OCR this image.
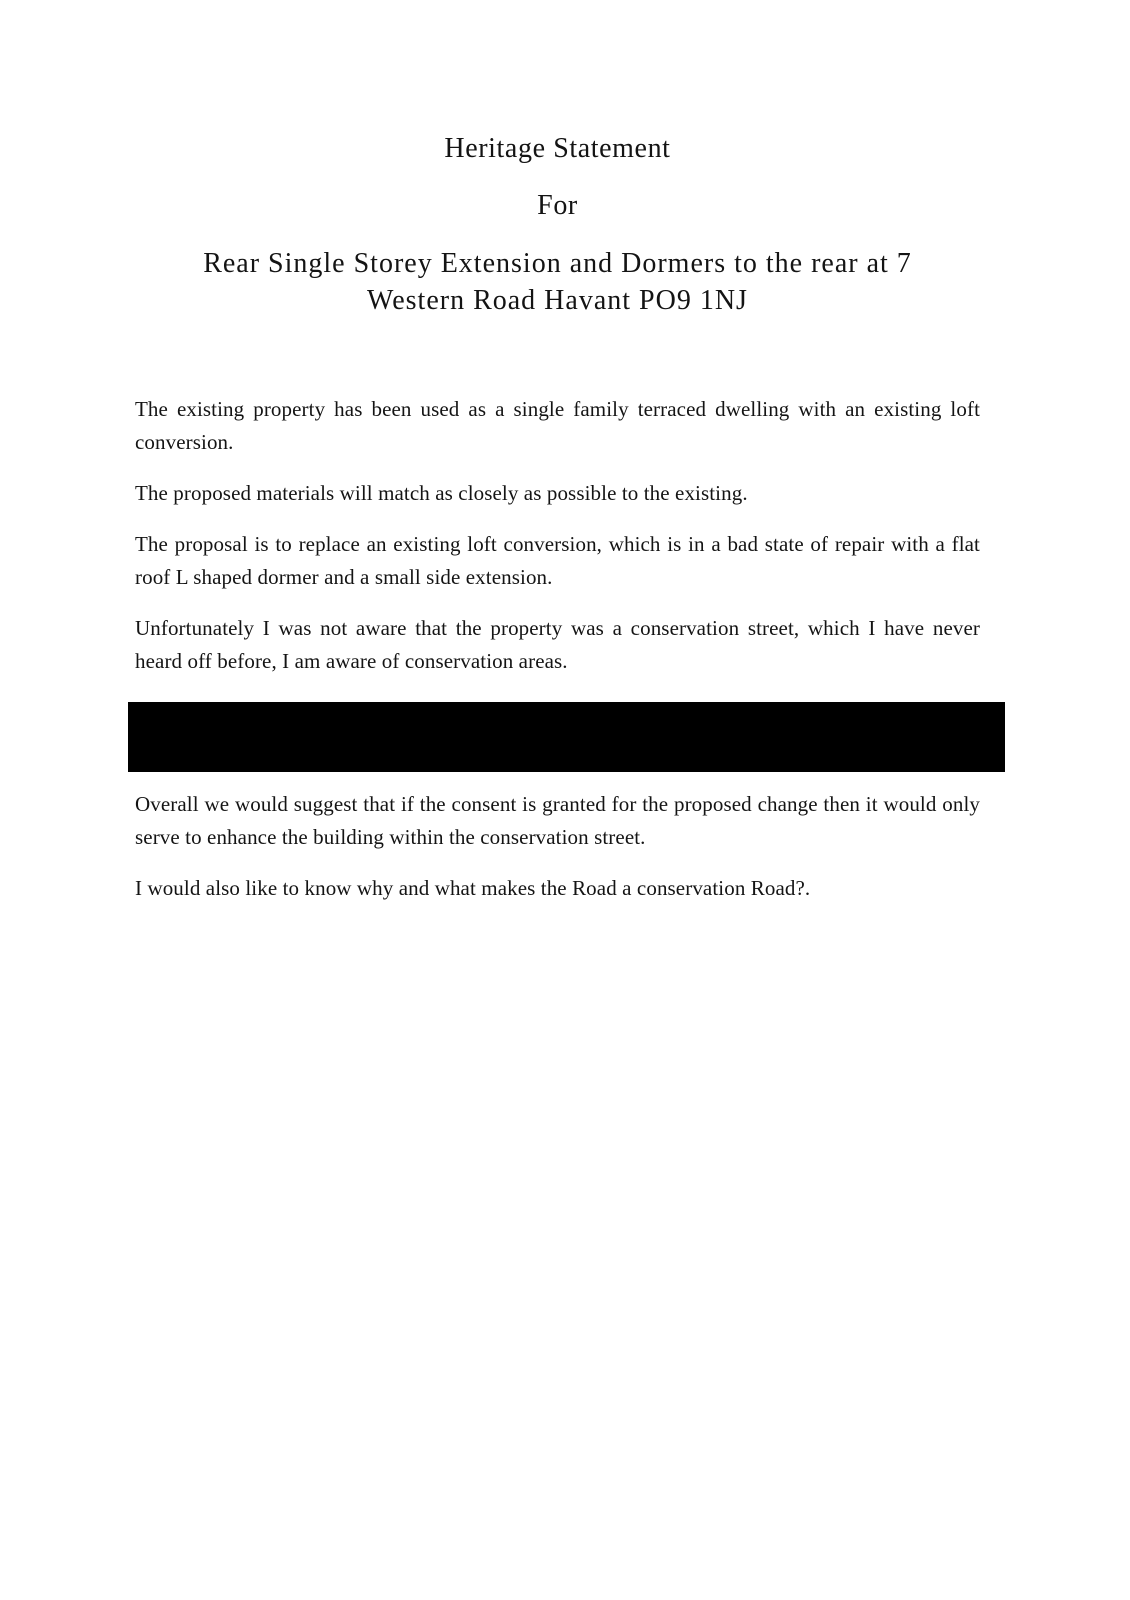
Heritage Statement
For
Rear Single Storey Extension and Dormers to the rear at 7
Western Road Havant PO9 1NJ

The existing property has been used as a single family terraced dwelling with an existing loft conversion.

The proposed materials will match as closely as possible to the existing.

The proposal is to replace an existing loft conversion, which is in a bad state of repair with a flat roof L shaped dormer and a small side extension.

Unfortunately I was not aware that the property was a conservation street, which I have never heard off before, I am aware of conservation areas.

Overall we would suggest that if the consent is granted for the proposed change then it would only serve to enhance the building within the conservation street.

I would also like to know why and what makes the Road a conservation Road?.
